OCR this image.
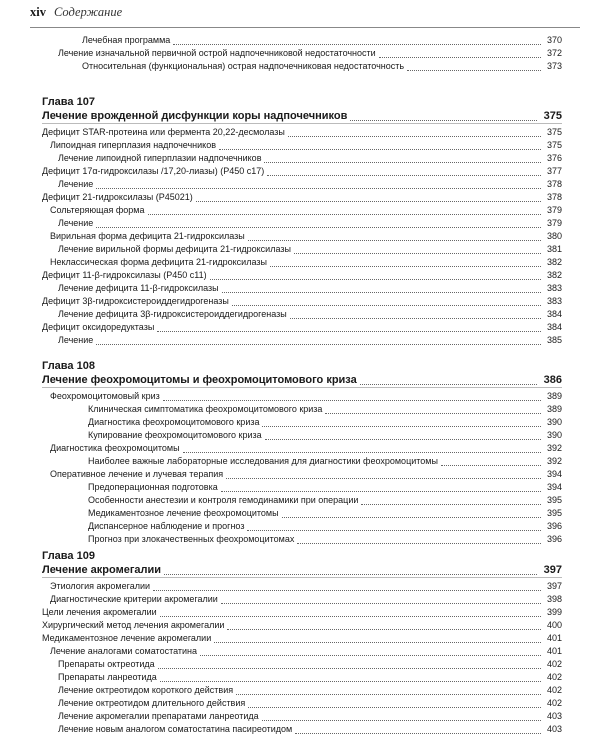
xiv Содержание
Лечебная программа	370
Лечение изначальной первичной острой надпочечниковой недостаточности	372
Относительная (функциональная) острая надпочечниковая недостаточность	373
Глава 107
Лечение врожденной дисфункции коры надпочечников	375
Дефицит STAR-протеина или фермента 20,22-десмолазы	375
Липоидная гиперплазия надпочечников	375
Лечение липоидной гиперплазии надпочечников	376
Дефицит 17α-гидроксилазы /17,20-лиазы) (P450 c17)	377
Лечение	378
Дефицит 21-гидроксилазы (P45021)	378
Сольтеряющая форма	379
Лечение	379
Вирильная форма дефицита 21-гидроксилазы	380
Лечение вирильной формы дефицита 21-гидроксилазы	381
Неклассическая форма дефицита 21-гидроксилазы	382
Дефицит 11-β-гидроксилазы (P450 c11)	382
Лечение дефицита 11-β-гидроксилазы	383
Дефицит 3β-гидроксистероиддегидрогеназы	383
Лечение дефицита 3β-гидроксистероиддегидрогеназы	384
Дефицит оксидоредуктазы	384
Лечение	385
Глава 108
Лечение феохромоцитомы и феохромоцитомового криза	386
Феохромоцитомовый криз	389
Клиническая симптоматика феохромоцитомового криза	389
Диагностика феохромоцитомового криза	390
Купирование феохромоцитомового криза	390
Диагностика феохромоцитомы	392
Наиболее важные лабораторные исследования для диагностики феохромоцитомы	392
Оперативное лечение и лучевая терапия	394
Предоперационная подготовка	394
Особенности анестезии и контроля гемодинамики при операции	395
Медикаментозное лечение феохромоцитомы	395
Диспансерное наблюдение и прогноз	396
Прогноз при злокачественных феохромоцитомах	396
Глава 109
Лечение акромегалии	397
Этиология акромегалии	397
Диагностические критерии акромегалии	398
Цели лечения акромегалии	399
Хирургический метод лечения акромегалии	400
Медикаментозное лечение акромегалии	401
Лечение аналогами соматостатина	401
Препараты октреотида	402
Препараты ланреотида	402
Лечение октреотидом короткого действия	402
Лечение октреотидом длительного действия	402
Лечение акромегалии препаратами ланреотида	403
Лечение новым аналогом соматостатина пасиреотидом	403
